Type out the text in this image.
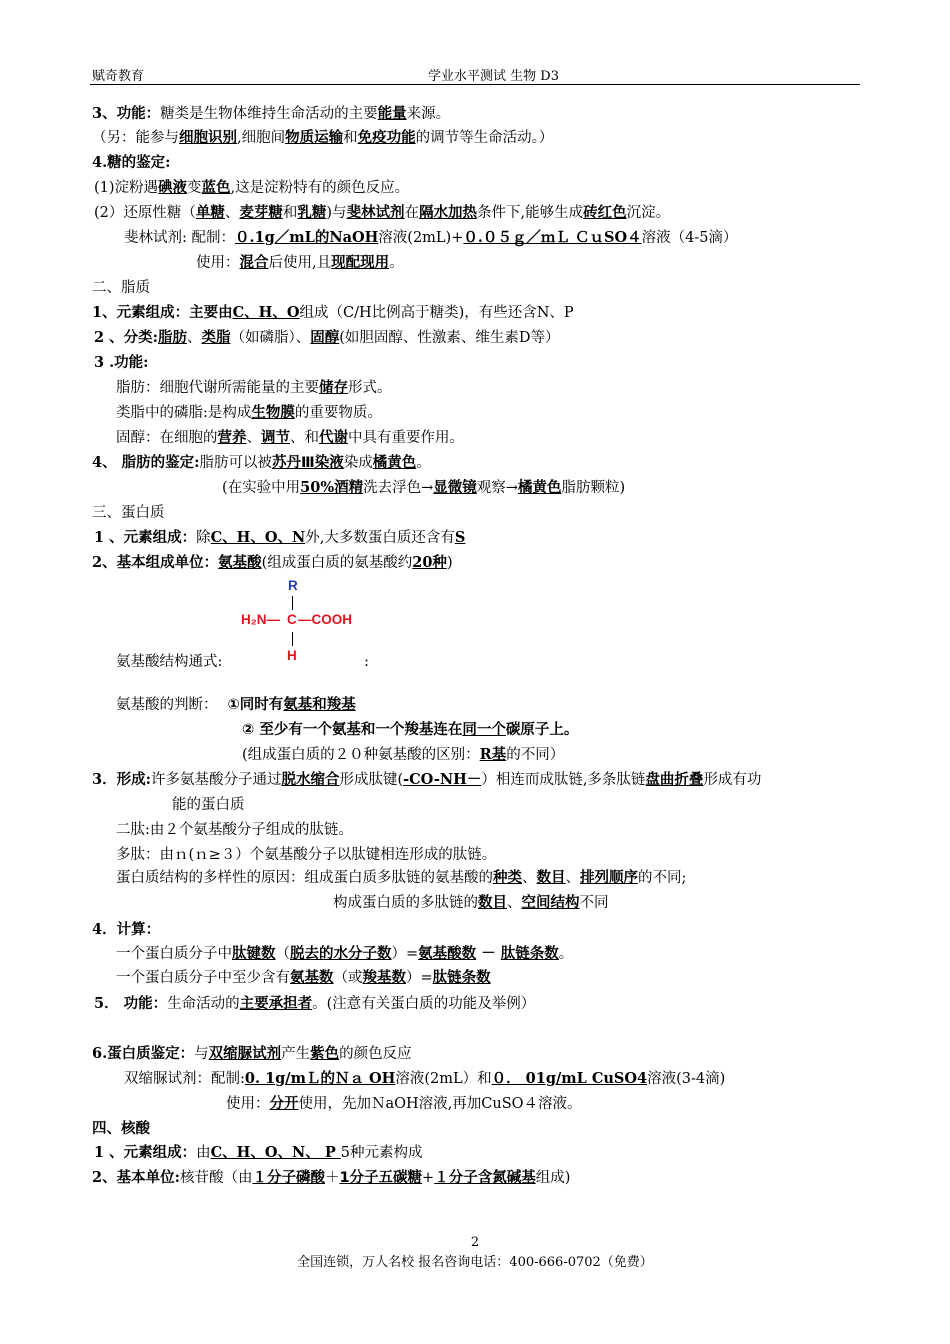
赋奇教育	学业水平测试 生物 D3
3、功能：糖类是生物体维持生命活动的主要能量来源。
（另：能参与细胞识别,细胞间物质运输和免疫功能的调节等生命活动。）
4.糖的鉴定:
(1)淀粉遇碘液变蓝色,这是淀粉特有的颜色反应。
(2）还原性糖（单糖、麦芽糖和乳糖)与斐林试剂在隔水加热条件下,能够生成砖红色沉淀。
斐林试剂: 配制：０.1g／mL的NaOH溶液(2mL)+０.０５ｇ／ｍＬ ＣｕSO４溶液（4-5滴）
使用：混合后使用,且现配现用。
二、脂质
1、元素组成：主要由C、H、O组成（C/H比例高于糖类)，有些还含N、P
2 、分类:脂肪、类脂（如磷脂）、固醇(如胆固醇、性激素、维生素D等）
3 .功能:
脂肪：细胞代谢所需能量的主要储存形式。
类脂中的磷脂:是构成生物膜的重要物质。
固醇：在细胞的营养、调节、和代谢中具有重要作用。
4、 脂肪的鉴定:脂肪可以被苏丹Ⅲ染液染成橘黄色。
(在实验中用50%酒精洗去浮色→显微镜观察→橘黄色脂肪颗粒)
三、蛋白质
1 、元素组成：除C、H、O、N外,大多数蛋白质还含有S
2、基本组成单位：氨基酸(组成蛋白质的氨基酸约20种)
R
H₂N— C —COOH
H
氨基酸结构通式:	:
氨基酸的判断： ①同时有氨基和羧基
② 至少有一个氨基和一个羧基连在同一个碳原子上。
(组成蛋白质的２０种氨基酸的区别：R基的不同）
3．形成:许多氨基酸分子通过脱水缩合形成肽键(-CO-NH－）相连而成肽链,多条肽链盘曲折叠形成有功
能的蛋白质
二肽:由２个氨基酸分子组成的肽链。
多肽：由ｎ(ｎ≥３）个氨基酸分子以肽键相连形成的肽链。
蛋白质结构的多样性的原因：组成蛋白质多肽链的氨基酸的种类、数目、排列顺序的不同;
构成蛋白质的多肽链的数目、空间结构不同
4．计算：
一个蛋白质分子中肽键数（脱去的水分子数）=氨基酸数 － 肽链条数。
一个蛋白质分子中至少含有氨基数（或羧基数）=肽链条数
5． 功能：生命活动的主要承担者。(注意有关蛋白质的功能及举例）
6.蛋白质鉴定：与双缩脲试剂产生紫色的颜色反应
双缩脲试剂：配制:0. 1g/mＬ的Ｎａ OH溶液(2mL）和０． 01g/mL CuSO4溶液(3-4滴)
使用：分开使用，先加ＮaOH溶液,再加CuSO４溶液。
四、核酸
1 、元素组成：由C、H、O、N、 P 5种元素构成
2、基本单位:核苷酸（由１分子磷酸＋1分子五碳糖+１分子含氮碱基组成)
2
全国连锁，万人名校 报名咨询电话：400-666-0702（免费）
